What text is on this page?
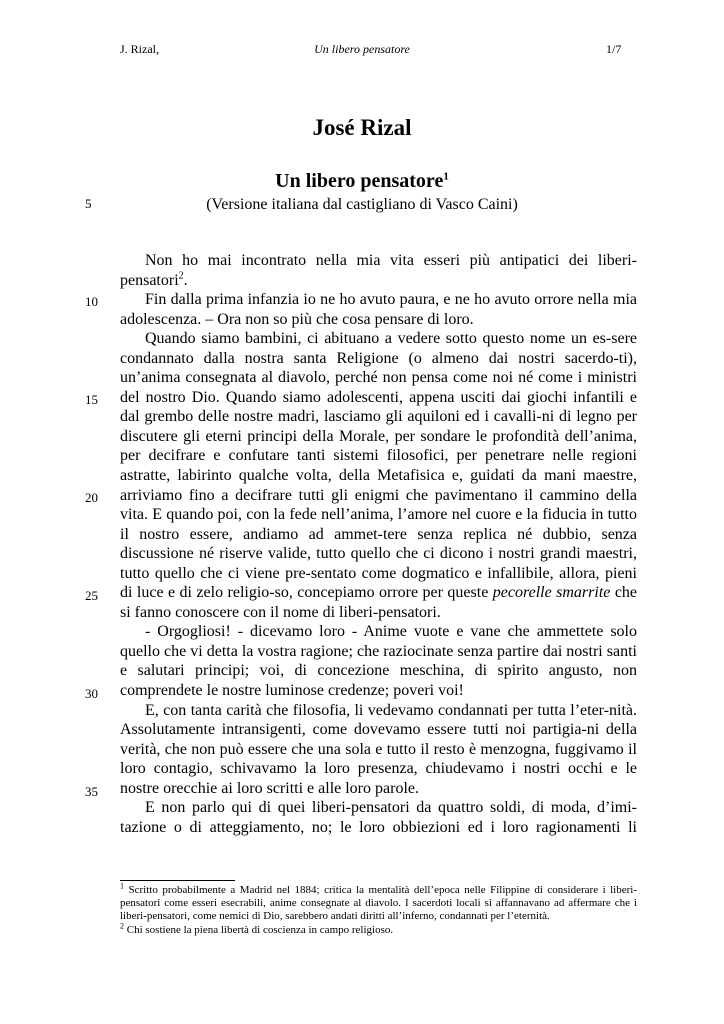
J. Rizal,	Un libero pensatore	1/7
José Rizal
Un libero pensatore$^1$
(Versione italiana dal castigliano di Vasco Caini)
5
10
15
20
25
30
35

Non ho mai incontrato nella mia vita esseri più antipatici dei liberi-pensatori$^2$.

Fin dalla prima infanzia io ne ho avuto paura, e ne ho avuto orrore nella mia adolescenza. – Ora non so più che cosa pensare di loro.

Quando siamo bambini, ci abituano a vedere sotto questo nome un es-sere condannato dalla nostra santa Religione (o almeno dai nostri sacerdo-ti), un’anima consegnata al diavolo, perché non pensa come noi né come i ministri del nostro Dio. Quando siamo adolescenti, appena usciti dai giochi infantili e dal grembo delle nostre madri, lasciamo gli aquiloni ed i cavalli-ni di legno per discutere gli eterni principi della Morale, per sondare le profondità dell’anima, per decifrare e confutare tanti sistemi filosofici, per penetrare nelle regioni astratte, labirinto qualche volta, della Metafisica e, guidati da mani maestre, arriviamo fino a decifrare tutti gli enigmi che pavimentano il cammino della vita. E quando poi, con la fede nell’anima, l’amore nel cuore e la fiducia in tutto il nostro essere, andiamo ad ammet-tere senza replica né dubbio, senza discussione né riserve valide, tutto quello che ci dicono i nostri grandi maestri, tutto quello che ci viene pre-sentato come dogmatico e infallibile, allora, pieni di luce e di zelo religio-so, concepiamo orrore per queste pecorelle smarrite che si fanno conoscere con il nome di liberi-pensatori.

- Orgogliosi! - dicevamo loro - Anime vuote e vane che ammettete solo quello che vi detta la vostra ragione; che raziocinate senza partire dai nostri santi e salutari principi; voi, di concezione meschina, di spirito angusto, non comprendete le nostre luminose credenze; poveri voi!

E, con tanta carità che filosofia, li vedevamo condannati per tutta l’eter-nità. Assolutamente intransigenti, come dovevamo essere tutti noi partigia-ni della verità, che non può essere che una sola e tutto il resto è menzogna, fuggivamo il loro contagio, schivavamo la loro presenza, chiudevamo i nostri occhi e le nostre orecchie ai loro scritti e alle loro parole.

E non parlo qui di quei liberi-pensatori da quattro soldi, di moda, d’imi-tazione o di atteggiamento, no; le loro obbiezioni ed i loro ragionamenti li

$^1$ Scritto probabilmente a Madrid nel 1884; critica la mentalità dell’epoca nelle Filippine di considerare i liberi-pensatori come esseri esecrabili, anime consegnate al diavolo. I sacerdoti locali si affannavano ad affermare che i liberi-pensatori, come nemici di Dio, sarebbero andati diritti all’inferno, condannati per l’eternità.

$^2$ Chi sostiene la piena libertà di coscienza in campo religioso.
